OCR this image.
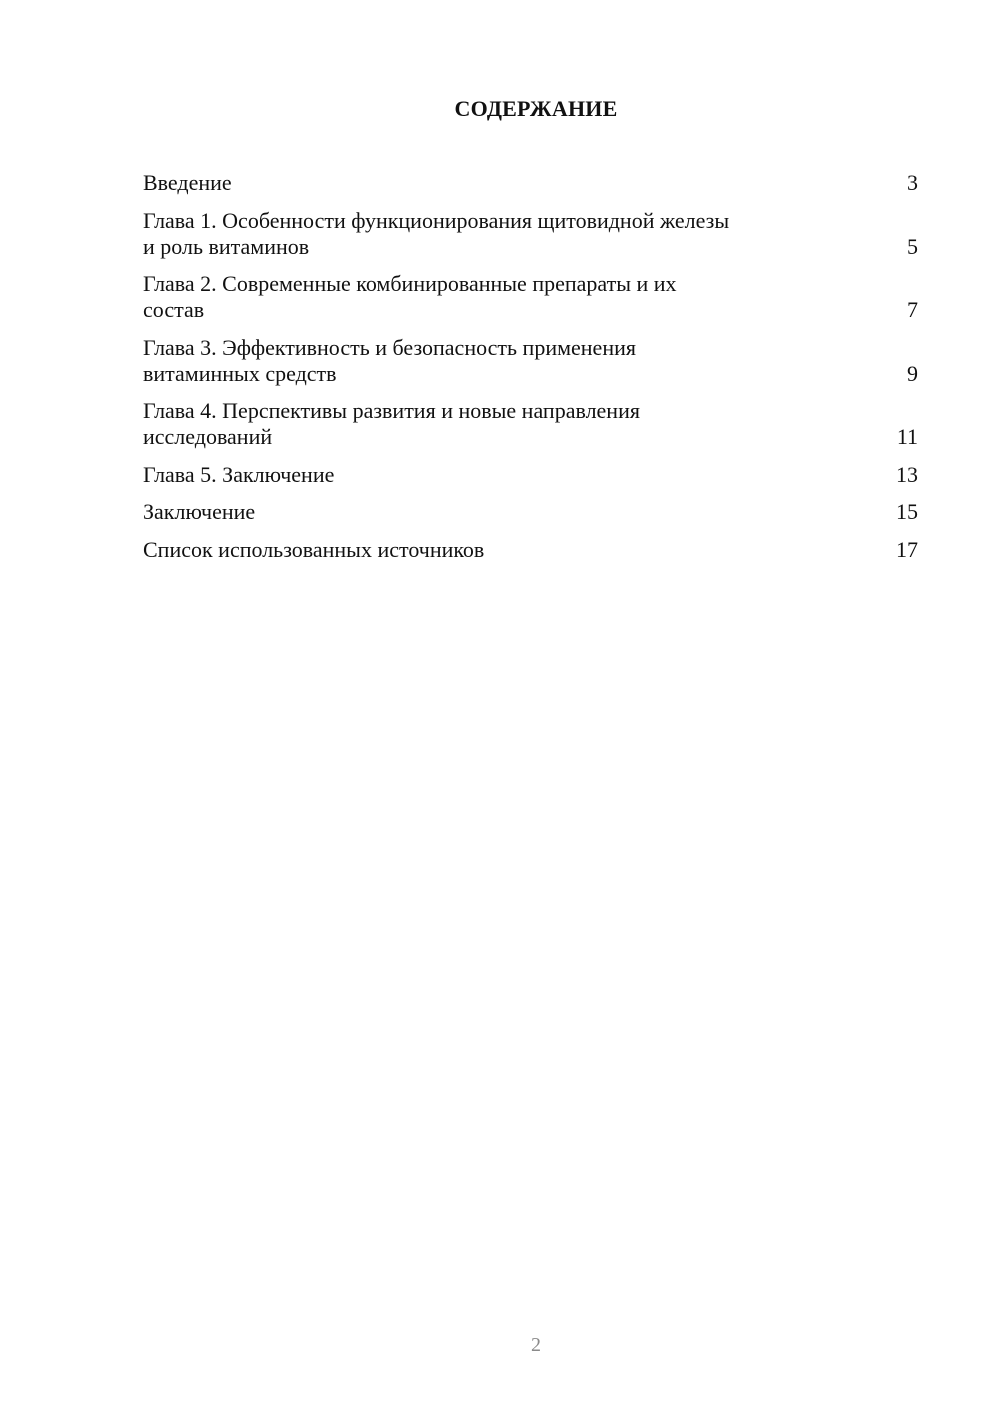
СОДЕРЖАНИЕ
Введение	3
Глава 1. Особенности функционирования щитовидной железы
и роль витаминов	5
Глава 2. Современные комбинированные препараты и их
состав	7
Глава 3. Эффективность и безопасность применения
витаминных средств	9
Глава 4. Перспективы развития и новые направления
исследований	11
Глава 5. Заключение	13
Заключение	15
Список использованных источников	17
2
